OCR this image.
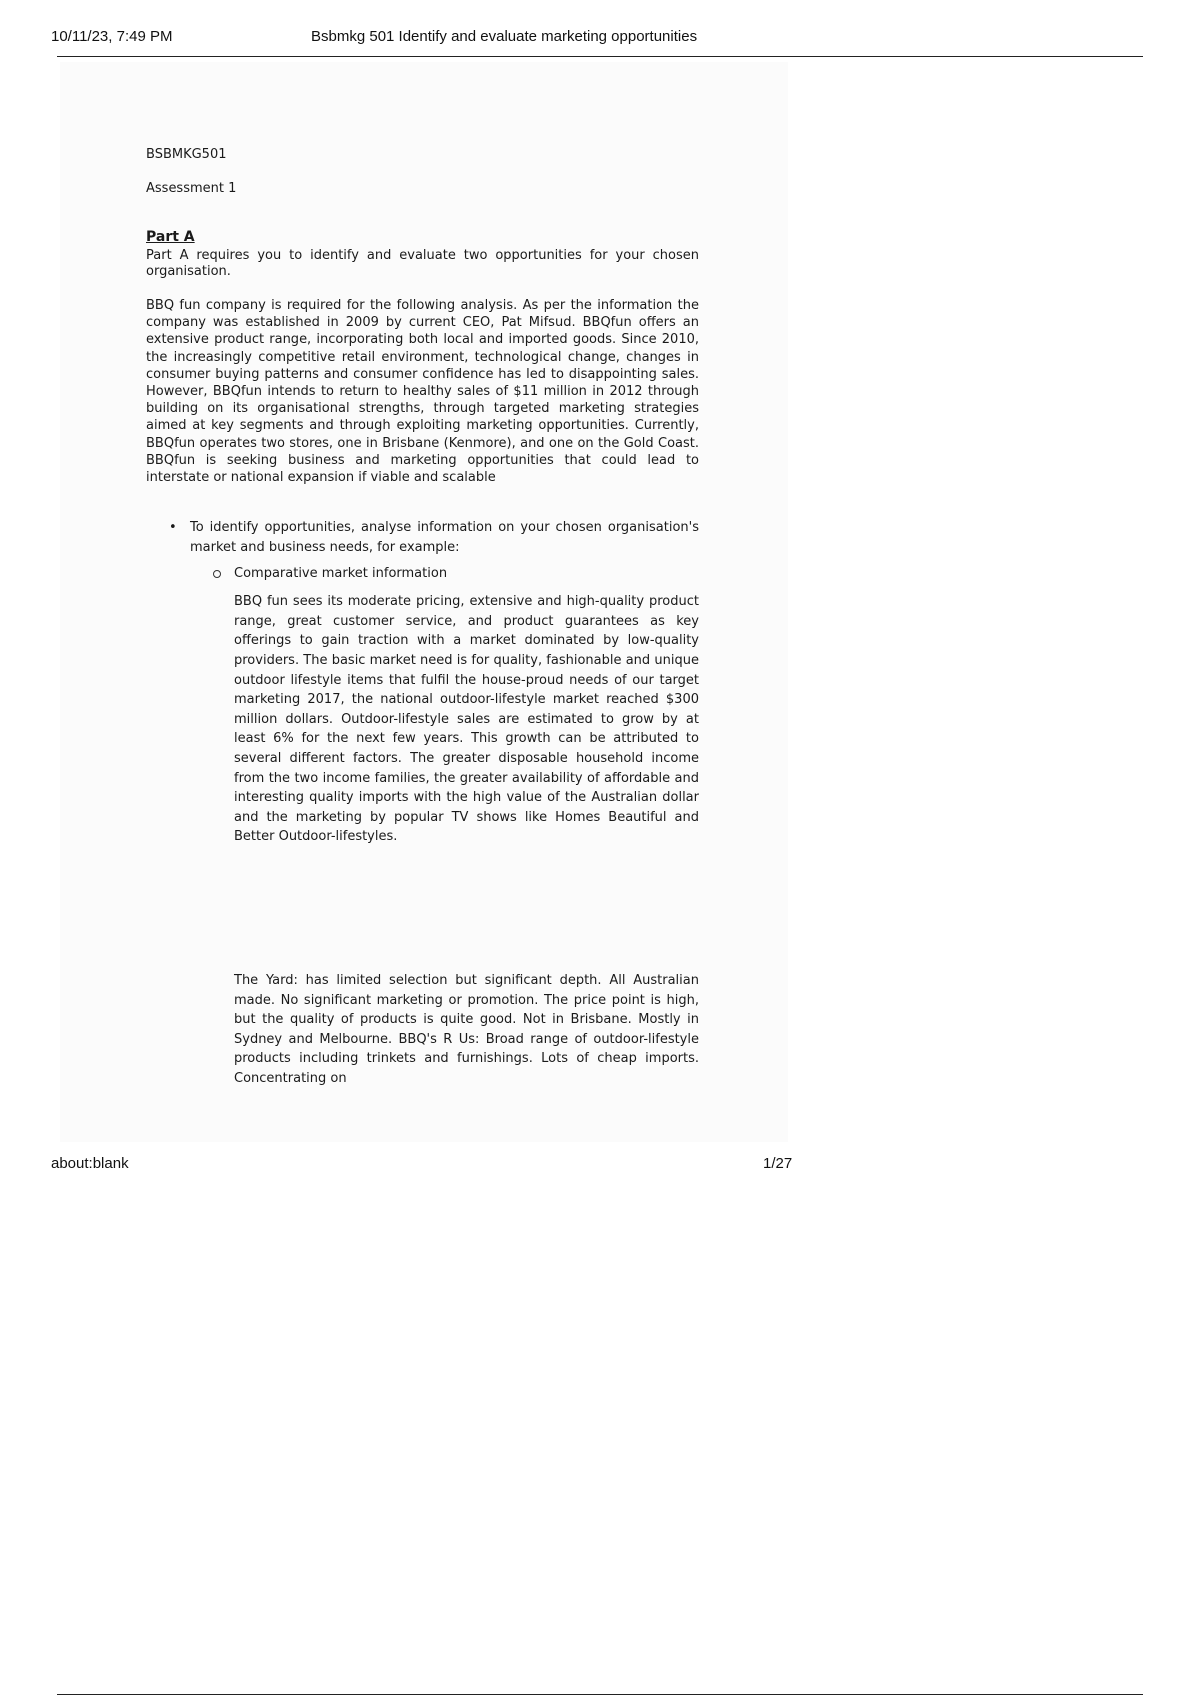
10/11/23, 7:49 PM	Bsbmkg 501 Identify and evaluate marketing opportunities

BSBMKG501

Assessment 1

Part A

Part A requires you to identify and evaluate two opportunities for your chosen organisation.

BBQ fun company is required for the following analysis. As per the information the company was established in 2009 by current CEO, Pat Mifsud. BBQfun offers an extensive product range, incorporating both local and imported goods. Since 2010, the increasingly competitive retail environment, technological change, changes in consumer buying patterns and consumer confidence has led to disappointing sales. However, BBQfun intends to return to healthy sales of $11 million in 2012 through building on its organisational strengths, through targeted marketing strategies aimed at key segments and through exploiting marketing opportunities. Currently, BBQfun operates two stores, one in Brisbane (Kenmore), and one on the Gold Coast. BBQfun is seeking business and marketing opportunities that could lead to interstate or national expansion if viable and scalable

• To identify opportunities, analyse information on your chosen organisation's market and business needs, for example:
Comparative market information

BBQ fun sees its moderate pricing, extensive and high-quality product range, great customer service, and product guarantees as key offerings to gain traction with a market dominated by low-quality providers. The basic market need is for quality, fashionable and unique outdoor lifestyle items that fulfil the house-proud needs of our target marketing 2017, the national outdoor-lifestyle market reached $300 million dollars. Outdoor-lifestyle sales are estimated to grow by at least 6% for the next few years. This growth can be attributed to several different factors. The greater disposable household income from the two income families, the greater availability of affordable and interesting quality imports with the high value of the Australian dollar and the marketing by popular TV shows like Homes Beautiful and Better Outdoor-lifestyles.

The Yard: has limited selection but significant depth. All Australian made. No significant marketing or promotion. The price point is high, but the quality of products is quite good. Not in Brisbane. Mostly in Sydney and Melbourne. BBQ's R Us: Broad range of outdoor-lifestyle products including trinkets and furnishings. Lots of cheap imports. Concentrating on

about:blank	1/27
